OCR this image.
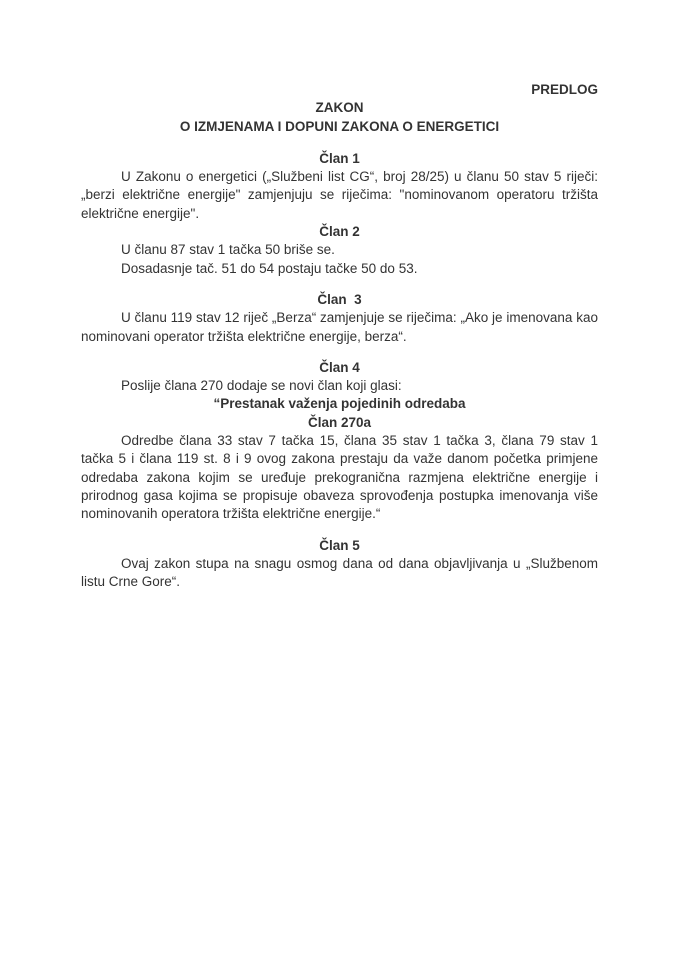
PREDLOG
ZAKON
O IZMJENAMA I DOPUNI ZAKONA O ENERGETICI
Član 1

U Zakonu o energetici („Službeni list CG“, broj 28/25) u članu 50 stav 5 riječi: „berzi električne energije" zamjenjuju se riječima: "nominovanom operatoru tržišta električne energije".

Član 2

U članu 87 stav 1 tačka 50 briše se.

Dosadasnje tač. 51 do 54 postaju tačke 50 do 53.

Član  3

U članu 119 stav 12 riječ „Berza“ zamjenjuje se riječima: „Ako je imenovana kao nominovani operator tržišta električne energije, berza“.

Član 4

Poslije člana 270 dodaje se novi član koji glasi:

“Prestanak važenja pojedinih odredaba
Član 270a

Odredbe člana 33 stav 7 tačka 15, člana 35 stav 1 tačka 3, člana 79 stav 1 tačka 5 i člana 119 st. 8 i 9 ovog zakona prestaju da važe danom početka primjene odredaba zakona kojim se uređuje prekogranična razmjena električne energije i prirodnog gasa kojima se propisuje obaveza sprovođenja postupka imenovanja više nominovanih operatora tržišta električne energije.“

Član 5

Ovaj zakon stupa na snagu osmog dana od dana objavljivanja u „Službenom listu Crne Gore“.
